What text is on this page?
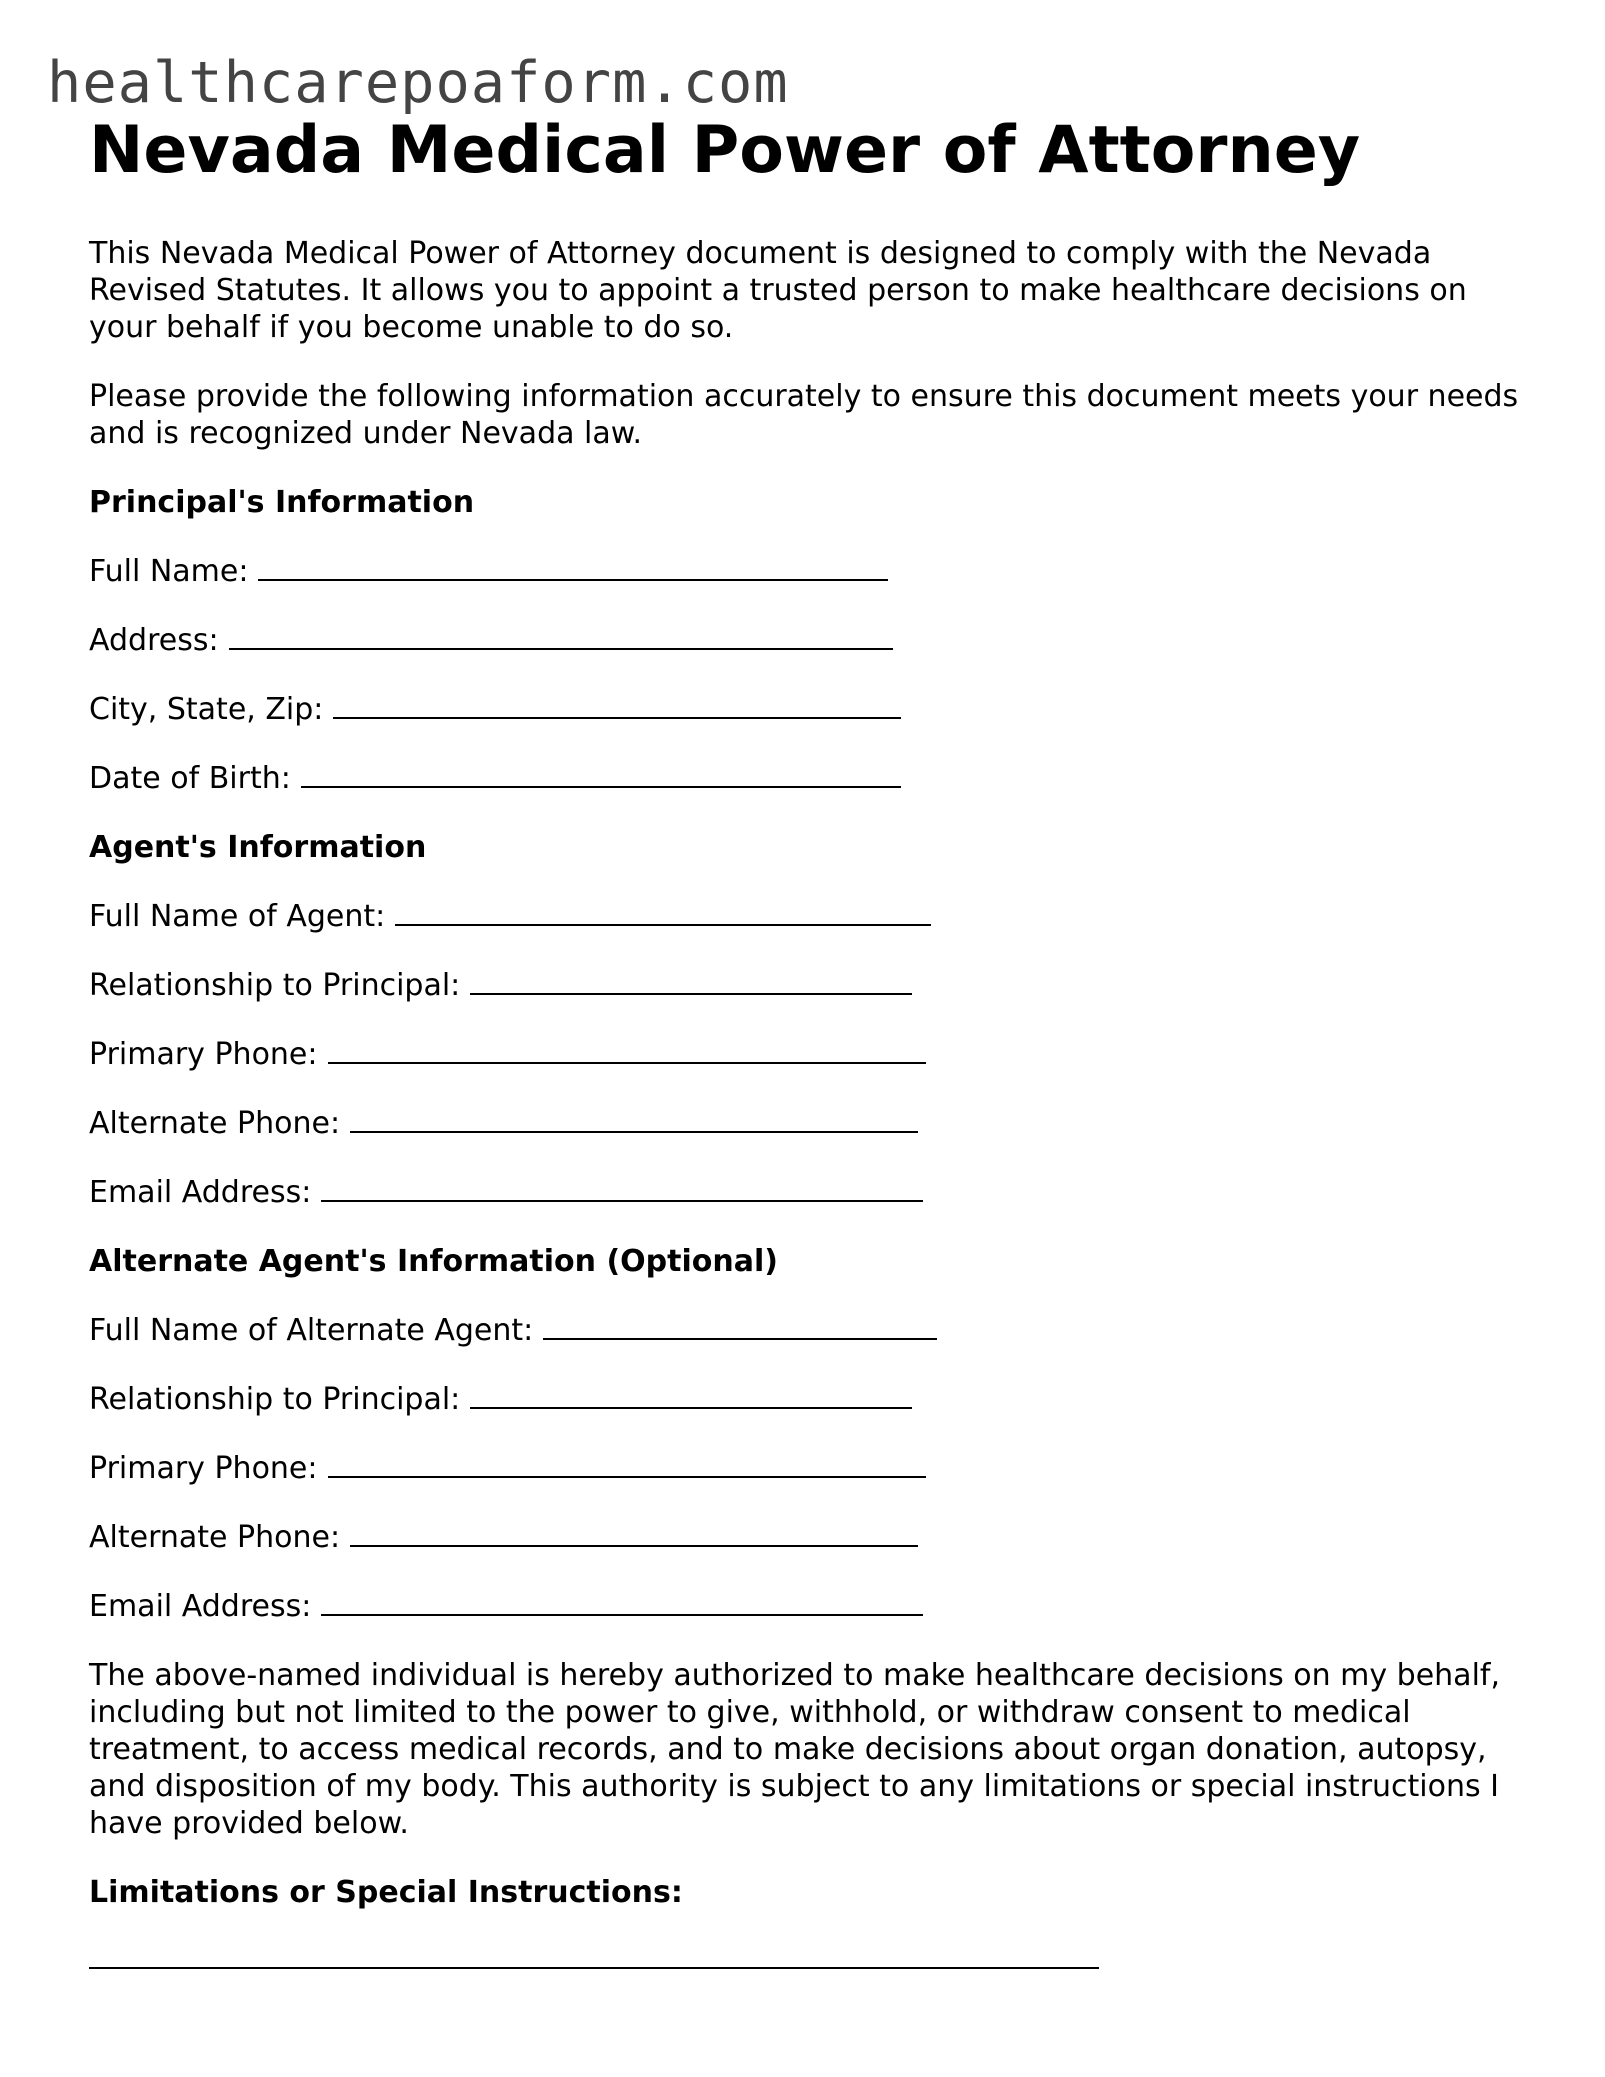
healthcarepoaform.com
Nevada Medical Power of Attorney

This Nevada Medical Power of Attorney document is designed to comply with the Nevada Revised Statutes. It allows you to appoint a trusted person to make healthcare decisions on your behalf if you become unable to do so.

Please provide the following information accurately to ensure this document meets your needs and is recognized under Nevada law.

Principal's Information

Full Name:

Address:

City, State, Zip:

Date of Birth:

Agent's Information

Full Name of Agent:

Relationship to Principal:

Primary Phone:

Alternate Phone:

Email Address:

Alternate Agent's Information (Optional)

Full Name of Alternate Agent:

Relationship to Principal:

Primary Phone:

Alternate Phone:

Email Address:

The above-named individual is hereby authorized to make healthcare decisions on my behalf, including but not limited to the power to give, withhold, or withdraw consent to medical treatment, to access medical records, and to make decisions about organ donation, autopsy, and disposition of my body. This authority is subject to any limitations or special instructions I have provided below.

Limitations or Special Instructions:
